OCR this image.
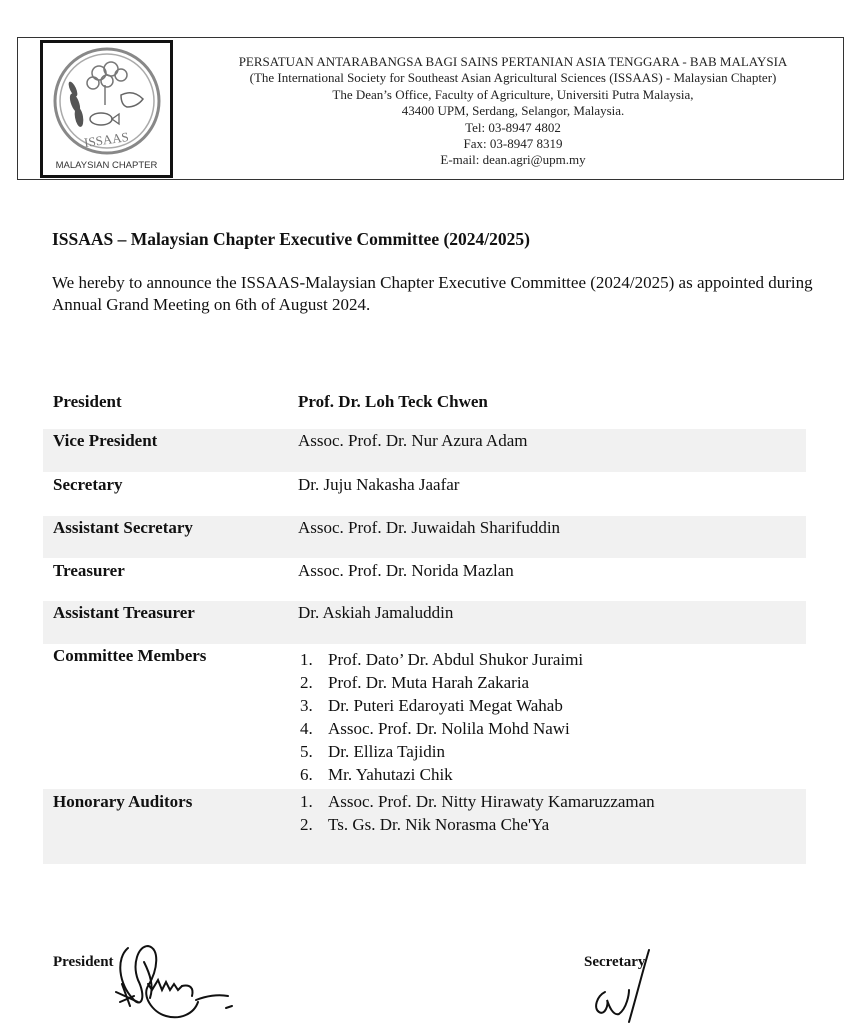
ISSAAS
MALAYSIAN CHAPTER
PERSATUAN ANTARABANGSA BAGI SAINS PERTANIAN ASIA TENGGARA - BAB MALAYSIA
(The International Society for Southeast Asian Agricultural Sciences (ISSAAS) - Malaysian Chapter)
The Dean’s Office, Faculty of Agriculture, Universiti Putra Malaysia,
43400 UPM, Serdang, Selangor, Malaysia.
Tel: 03-8947 4802
Fax: 03-8947 8319
E-mail: dean.agri@upm.my
ISSAAS – Malaysian Chapter Executive Committee (2024/2025)
We hereby to announce the ISSAAS-Malaysian Chapter Executive Committee (2024/2025) as appointed during Annual Grand Meeting on 6th of August 2024.
President	Prof. Dr. Loh Teck Chwen
Vice President	Assoc. Prof. Dr. Nur Azura Adam
Secretary	Dr. Juju Nakasha Jaafar
Assistant Secretary	Assoc. Prof. Dr. Juwaidah Sharifuddin
Treasurer	Assoc. Prof. Dr. Norida Mazlan
Assistant Treasurer	Dr. Askiah Jamaluddin
Committee Members	1. Prof. Dato’ Dr. Abdul Shukor Juraimi
2. Prof. Dr. Muta Harah Zakaria
3. Dr. Puteri Edaroyati Megat Wahab
4. Assoc. Prof. Dr. Nolila Mohd Nawi
5. Dr. Elliza Tajidin
6. Mr. Yahutazi Chik
Honorary Auditors	1. Assoc. Prof. Dr. Nitty Hirawaty Kamaruzzaman
2. Ts. Gs. Dr. Nik Norasma Che'Ya
President	Secretary
